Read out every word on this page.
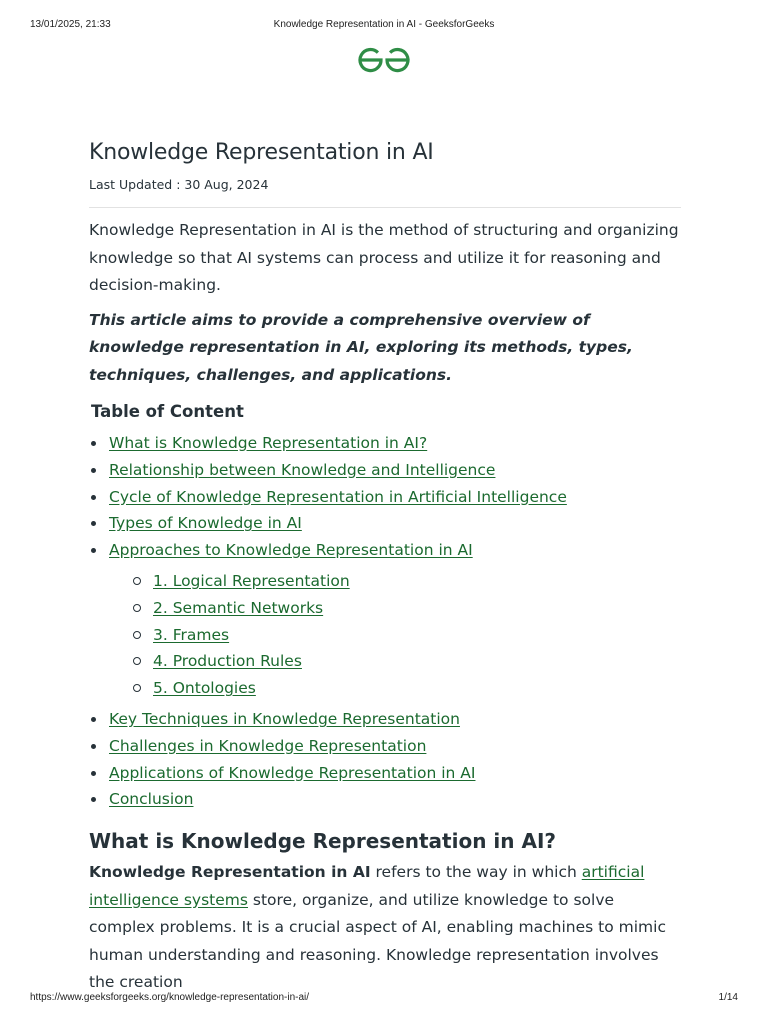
13/01/2025, 21:33	Knowledge Representation in AI - GeeksforGeeks
Knowledge Representation in AI
Last Updated : 30 Aug, 2024

Knowledge Representation in AI is the method of structuring and organizing knowledge so that AI systems can process and utilize it for reasoning and decision-making.

This article aims to provide a comprehensive overview of knowledge representation in AI, exploring its methods, types, techniques, challenges, and applications.

Table of Content
What is Knowledge Representation in AI?
Relationship between Knowledge and Intelligence
Cycle of Knowledge Representation in Artificial Intelligence
Types of Knowledge in AI
Approaches to Knowledge Representation in AI
1. Logical Representation
2. Semantic Networks
3. Frames
4. Production Rules
5. Ontologies
Key Techniques in Knowledge Representation
Challenges in Knowledge Representation
Applications of Knowledge Representation in AI
Conclusion
What is Knowledge Representation in AI?

Knowledge Representation in AI refers to the way in which artificial intelligence systems store, organize, and utilize knowledge to solve complex problems. It is a crucial aspect of AI, enabling machines to mimic human understanding and reasoning. Knowledge representation involves the creation

https://www.geeksforgeeks.org/knowledge-representation-in-ai/	1/14
